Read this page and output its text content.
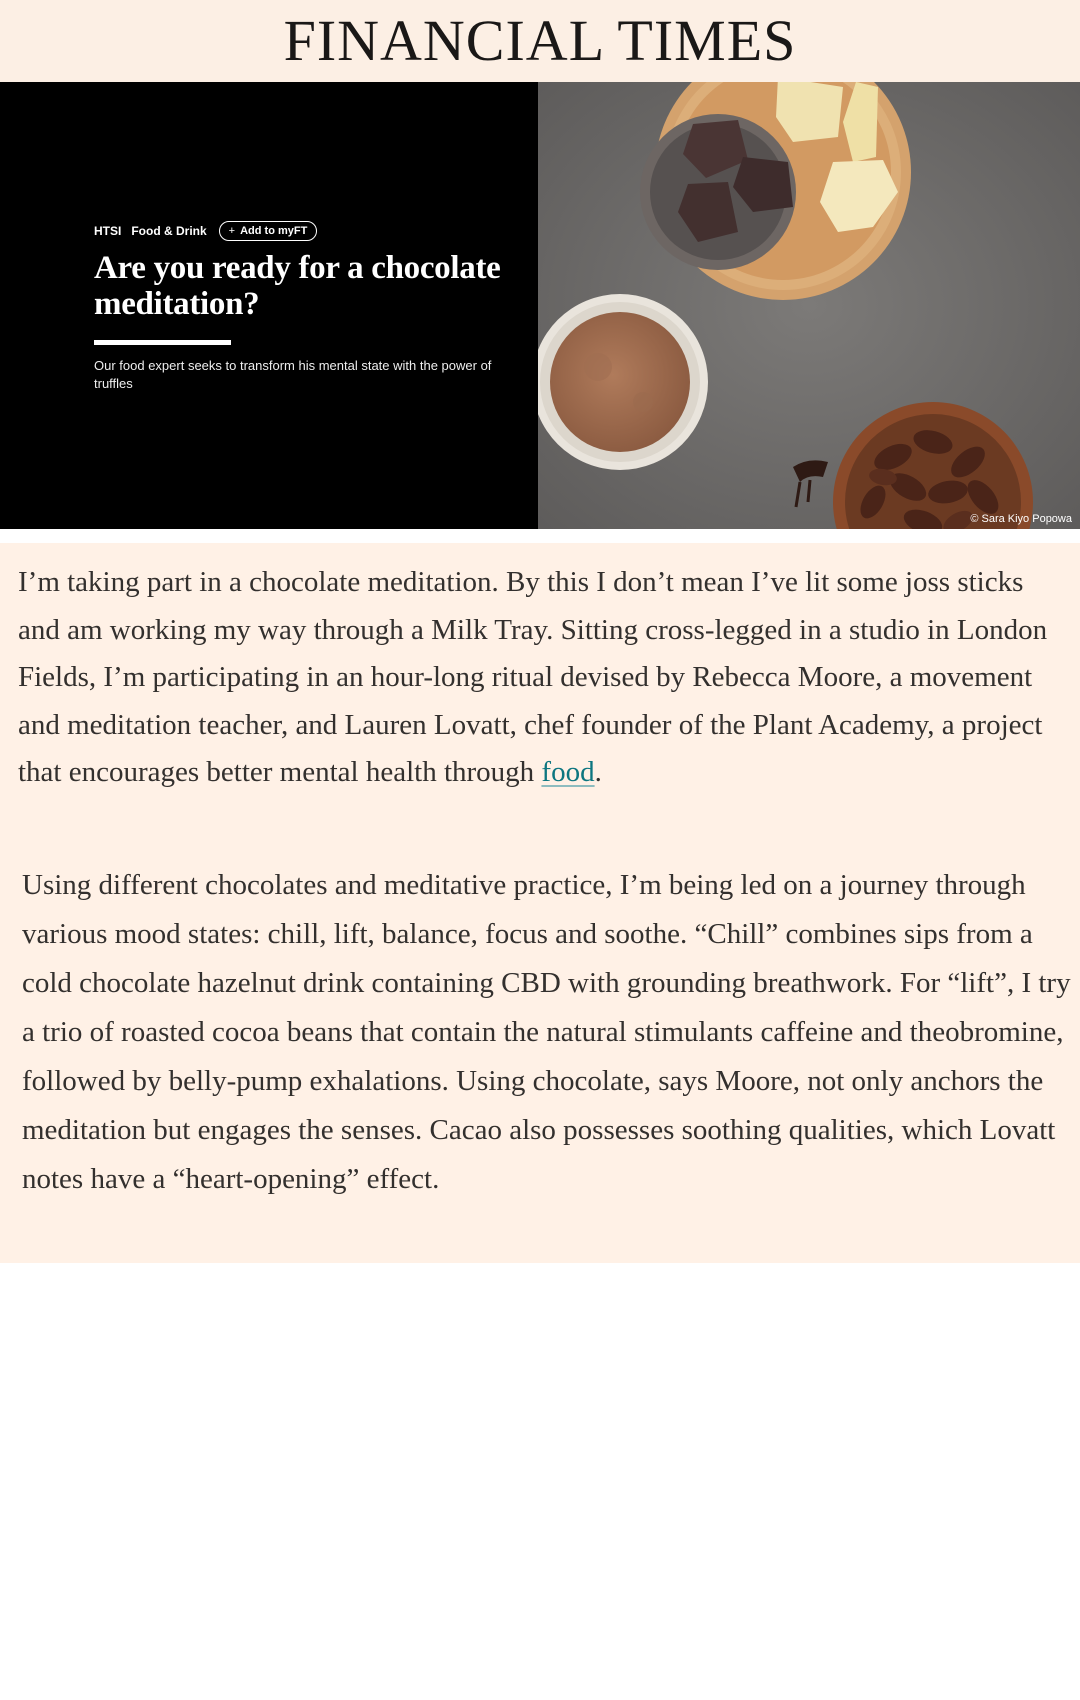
FINANCIAL TIMES
HTSI Food & Drink + Add to myFT
Are you ready for a chocolate meditation?

Our food expert seeks to transform his mental state with the power of truffles

© Sara Kiyo Popowa

I’m taking part in a chocolate meditation. By this I don’t mean I’ve lit some joss sticks and am working my way through a Milk Tray. Sitting cross-legged in a studio in London Fields, I’m participating in an hour-long ritual devised by Rebecca Moore, a movement and meditation teacher, and Lauren Lovatt, chef founder of the Plant Academy, a project that encourages better mental health through food.

Using different chocolates and meditative practice, I’m being led on a journey through various mood states: chill, lift, balance, focus and soothe. “Chill” combines sips from a cold chocolate hazelnut drink containing CBD with grounding breathwork. For “lift”, I try a trio of roasted cocoa beans that contain the natural stimulants caffeine and theobromine, followed by belly-pump exhalations. Using chocolate, says Moore, not only anchors the meditation but engages the senses. Cacao also possesses soothing qualities, which Lovatt notes have a “heart-opening” effect.
